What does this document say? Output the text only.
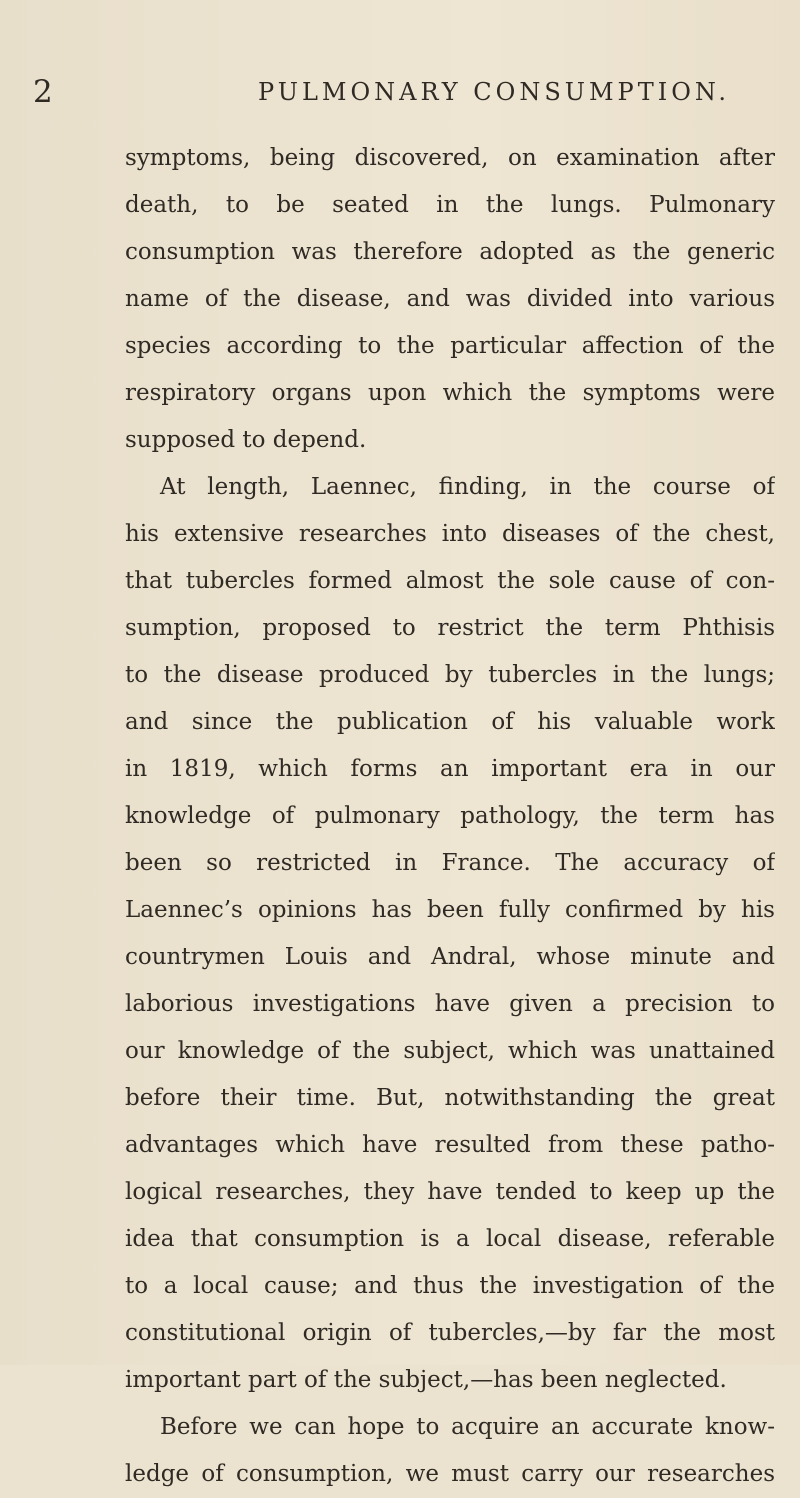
2	PULMONARY CONSUMPTION.
symptoms, being discovered, on examination after
death, to be seated in the lungs. Pulmonary
consumption was therefore adopted as the generic
name of the disease, and was divided into various
species according to the particular affection of the
respiratory organs upon which the symptoms were
supposed to depend.
At length, Laennec, finding, in the course of
his extensive researches into diseases of the chest,
that tubercles formed almost the sole cause of con-
sumption, proposed to restrict the term Phthisis
to the disease produced by tubercles in the lungs;
and since the publication of his valuable work
in 1819, which forms an important era in our
knowledge of pulmonary pathology, the term has
been so restricted in France. The accuracy of
Laennec’s opinions has been fully confirmed by his
countrymen Louis and Andral, whose minute and
laborious investigations have given a precision to
our knowledge of the subject, which was unattained
before their time. But, notwithstanding the great
advantages which have resulted from these patho-
logical researches, they have tended to keep up the
idea that consumption is a local disease, referable
to a local cause; and thus the investigation of the
constitutional origin of tubercles,—by far the most
important part of the subject,—has been neglected.
Before we can hope to acquire an accurate know-
ledge of consumption, we must carry our researches
